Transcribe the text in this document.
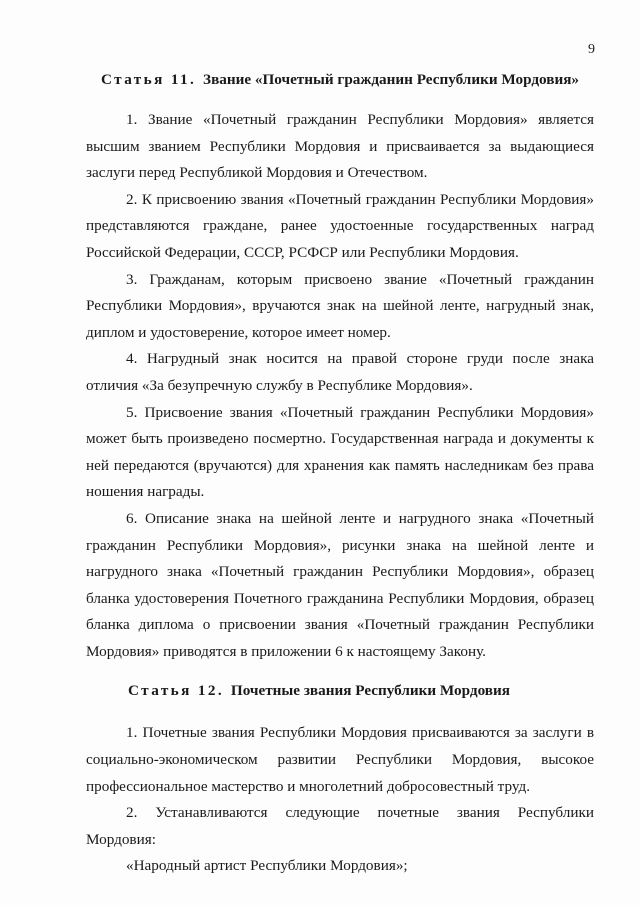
9
Статья 11. Звание «Почетный гражданин Республики Мордовия»

1. Звание «Почетный гражданин Республики Мордовия» является высшим званием Республики Мордовия и присваивается за выдающиеся заслуги перед Республикой Мордовия и Отечеством.

2. К присвоению звания «Почетный гражданин Республики Мордовия» представляются граждане, ранее удостоенные государственных наград Российской Федерации, СССР, РСФСР или Республики Мордовия.

3. Гражданам, которым присвоено звание «Почетный гражданин Республики Мордовия», вручаются знак на шейной ленте, нагрудный знак, диплом и удостоверение, которое имеет номер.

4. Нагрудный знак носится на правой стороне груди после знака отличия «За безупречную службу в Республике Мордовия».

5. Присвоение звания «Почетный гражданин Республики Мордовия» может быть произведено посмертно. Государственная награда и документы к ней передаются (вручаются) для хранения как память наследникам без права ношения награды.

6. Описание знака на шейной ленте и нагрудного знака «Почетный гражданин Республики Мордовия», рисунки знака на шейной ленте и нагрудного знака «Почетный гражданин Республики Мордовия», образец бланка удостоверения Почетного гражданина Республики Мордовия, образец бланка диплома о присвоении звания «Почетный гражданин Республики Мордовия» приводятся в приложении 6 к настоящему Закону.

Статья 12. Почетные звания Республики Мордовия

1. Почетные звания Республики Мордовия присваиваются за заслуги в социально-экономическом развитии Республики Мордовия, высокое профессиональное мастерство и многолетний добросовестный труд.

2. Устанавливаются следующие почетные звания Республики Мордовия:

«Народный артист Республики Мордовия»;
